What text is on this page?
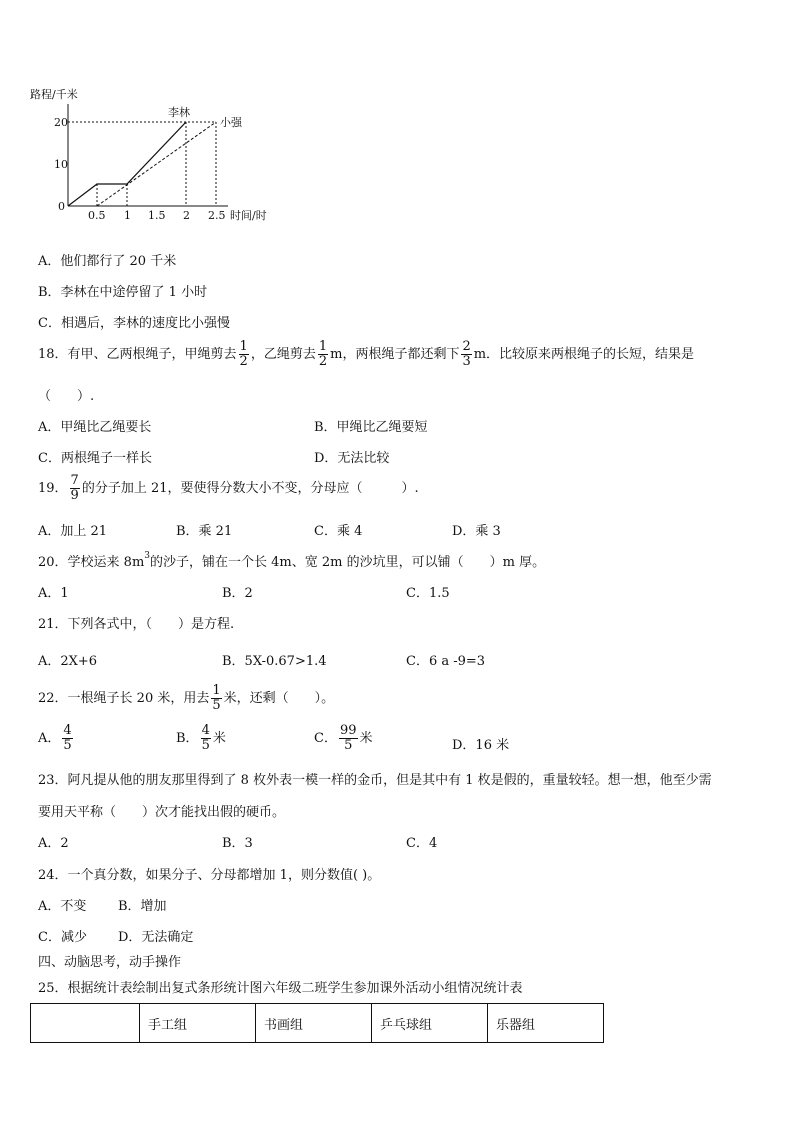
路程/千米
时间/时
20
10
0
0.5 1 1.5 2 2.5
李林
小强
A．他们都行了 20 千米
B．李林在中途停留了 1 小时
C．相遇后，李林的速度比小强慢
18．有甲、乙两根绳子，甲绳剪去 $\frac{1}{2}$ ，乙绳剪去 $\frac{1}{2}$ m，两根绳子都还剩下 $\frac{2}{3}$ m．比较原来两根绳子的长短，结果是
（　　）.
A．甲绳比乙绳要长	B．甲绳比乙绳要短
C．两根绳子一样长	D．无法比较
19． $\frac{7}{9}$ 的分子加上 21，要使得分数大小不变，分母应（　　　）.
A．加上 21	B．乘 21	C．乘 4	D．乘 3
20．学校运来 $8m^3$的沙子，铺在一个长 4m、宽 2m 的沙坑里，可以铺（　　）m 厚。
A．1	B．2	C．1.5
21．下列各式中，（　　）是方程.
A．2X+6	B．5X-0.67>1.4	C．6 a -9=3
22．一根绳子长 20 米，用去 $\frac{1}{5}$ 米，还剩（　　）。
A． $\frac{4}{5}$	B． $\frac{4}{5}$ 米	C． $\frac{99}{5}$ 米	D．16 米
23．阿凡提从他的朋友那里得到了 8 枚外表一模一样的金币，但是其中有 1 枚是假的，重量较轻。想一想，他至少需
要用天平称（　　）次才能找出假的硬币。
A．2	B．3	C．4
24．一个真分数，如果分子、分母都增加 1，则分数值( )。
A．不变 B．增加
C．减少 D．无法确定
四、动脑思考，动手操作
25．根据统计表绘制出复式条形统计图六年级二班学生参加课外活动小组情况统计表
	手工组	书画组	乒乓球组	乐器组
